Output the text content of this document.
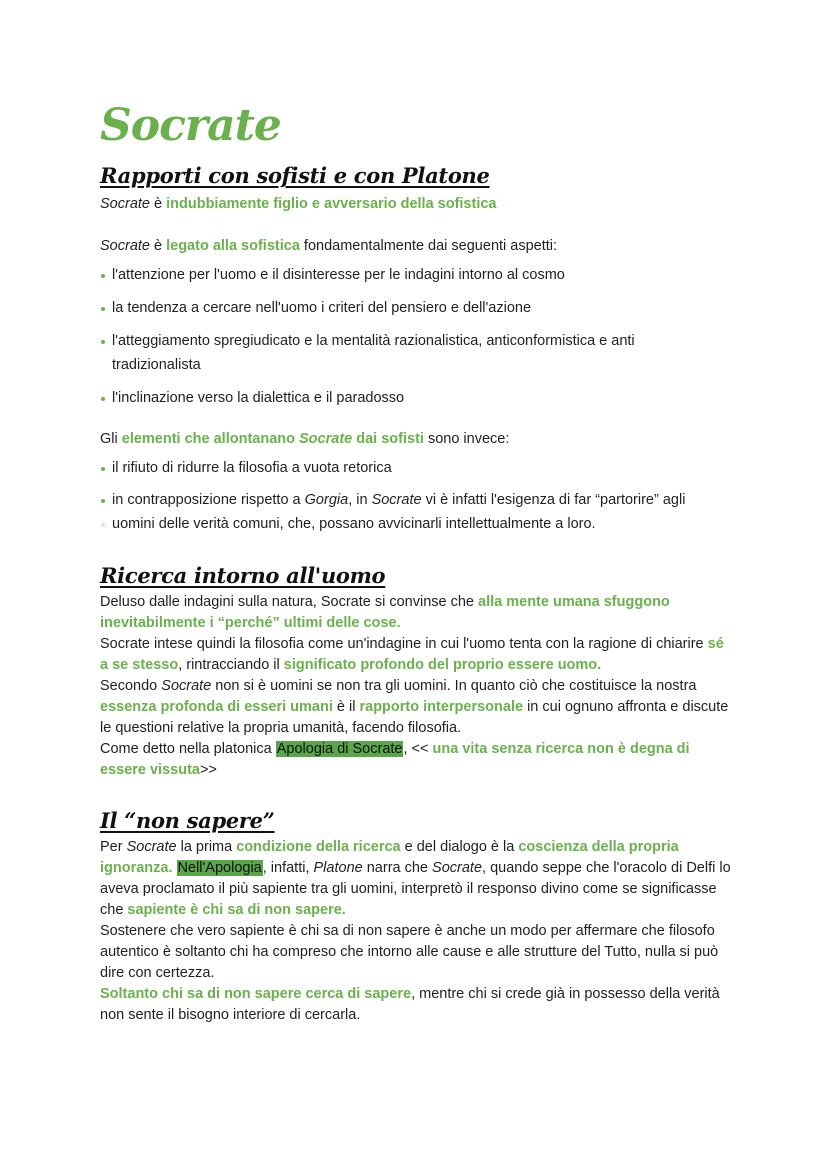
Socrate
Rapporti con sofisti e con Platone

Socrate è indubbiamente figlio e avversario della sofistica

Socrate è legato alla sofistica fondamentalmente dai seguenti aspetti:

l'attenzione per l'uomo e il disinteresse per le indagini intorno al cosmo
la tendenza a cercare nell'uomo i criteri del pensiero e dell'azione
l'atteggiamento spregiudicato e la mentalità razionalistica, anticonformistica e anti tradizionalista
l'inclinazione verso la dialettica e il paradosso

Gli elementi che allontanano Socrate dai sofisti sono invece:

il rifiuto di ridurre la filosofia a vuota retorica
in contrapposizione rispetto a Gorgia, in Socrate vi è infatti l'esigenza di far “partorire” agli uomini delle verità comuni, che, possano avvicinarli intellettualmente a loro.
Ricerca intorno all'uomo

Deluso dalle indagini sulla natura, Socrate si convinse che alla mente umana sfuggono inevitabilmente i “perché” ultimi delle cose.
Socrate intese quindi la filosofia come un'indagine in cui l'uomo tenta con la ragione di chiarire sé a se stesso, rintracciando il significato profondo del proprio essere uomo.
Secondo Socrate non si è uomini se non tra gli uomini. In quanto ciò che costituisce la nostra essenza profonda di esseri umani è il rapporto interpersonale in cui ognuno affronta e discute le questioni relative la propria umanità, facendo filosofia.
Come detto nella platonica Apologia di Socrate, << una vita senza ricerca non è degna di essere vissuta>>

Il “non sapere”

Per Socrate la prima condizione della ricerca e del dialogo è la coscienza della propria ignoranza. Nell'Apologia, infatti, Platone narra che Socrate, quando seppe che l'oracolo di Delfi lo aveva proclamato il più sapiente tra gli uomini, interpretò il responso divino come se significasse che sapiente è chi sa di non sapere.
Sostenere che vero sapiente è chi sa di non sapere è anche un modo per affermare che filosofo autentico è soltanto chi ha compreso che intorno alle cause e alle strutture del Tutto, nulla si può dire con certezza.
Soltanto chi sa di non sapere cerca di sapere, mentre chi si crede già in possesso della verità non sente il bisogno interiore di cercarla.
